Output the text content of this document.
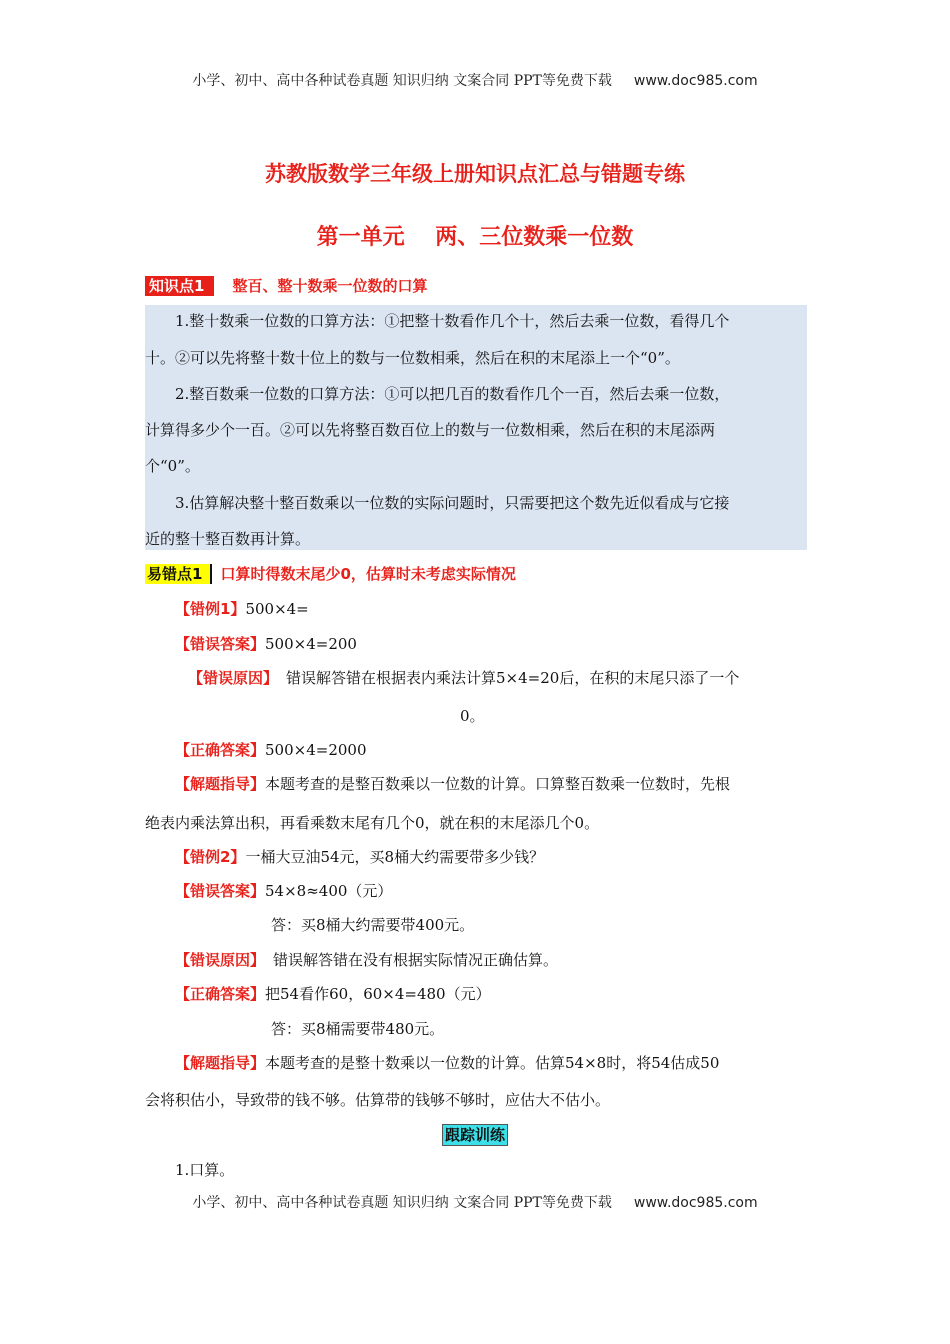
小学、初中、高中各种试卷真题 知识归纳 文案合同 PPT等免费下载 www.doc985.com
苏教版数学三年级上册知识点汇总与错题专练
第一单元    两、三位数乘一位数
知识点1 整百、整十数乘一位数的口算
1.整十数乘一位数的口算方法：①把整十数看作几个十，然后去乘一位数，看得几个
十。②可以先将整十数十位上的数与一位数相乘，然后在积的末尾添上一个“0”。
2.整百数乘一位数的口算方法：①可以把几百的数看作几个一百，然后去乘一位数，
计算得多少个一百。②可以先将整百数百位上的数与一位数相乘，然后在积的末尾添两
个“0”。
3.估算解决整十整百数乘以一位数的实际问题时，只需要把这个数先近似看成与它接
近的整十整百数再计算。
易错点1 口算时得数末尾少0，估算时未考虑实际情况
【错例1】500×4=
【错误答案】500×4=200
【错误原因】 错误解答错在根据表内乘法计算5×4=20后，在积的末尾只添了一个
0。
【正确答案】500×4=2000
【解题指导】本题考查的是整百数乘以一位数的计算。口算整百数乘一位数时，先根
绝表内乘法算出积，再看乘数末尾有几个0，就在积的末尾添几个0。
【错例2】一桶大豆油54元，买8桶大约需要带多少钱？
【错误答案】54×8≈400（元）
答：买8桶大约需要带400元。
【错误原因】 错误解答错在没有根据实际情况正确估算。
【正确答案】把54看作60，60×4=480（元）
答：买8桶需要带480元。
【解题指导】本题考查的是整十数乘以一位数的计算。估算54×8时，将54估成50
会将积估小，导致带的钱不够。估算带的钱够不够时，应估大不估小。
跟踪训练
1.口算。
小学、初中、高中各种试卷真题 知识归纳 文案合同 PPT等免费下载 www.doc985.com
